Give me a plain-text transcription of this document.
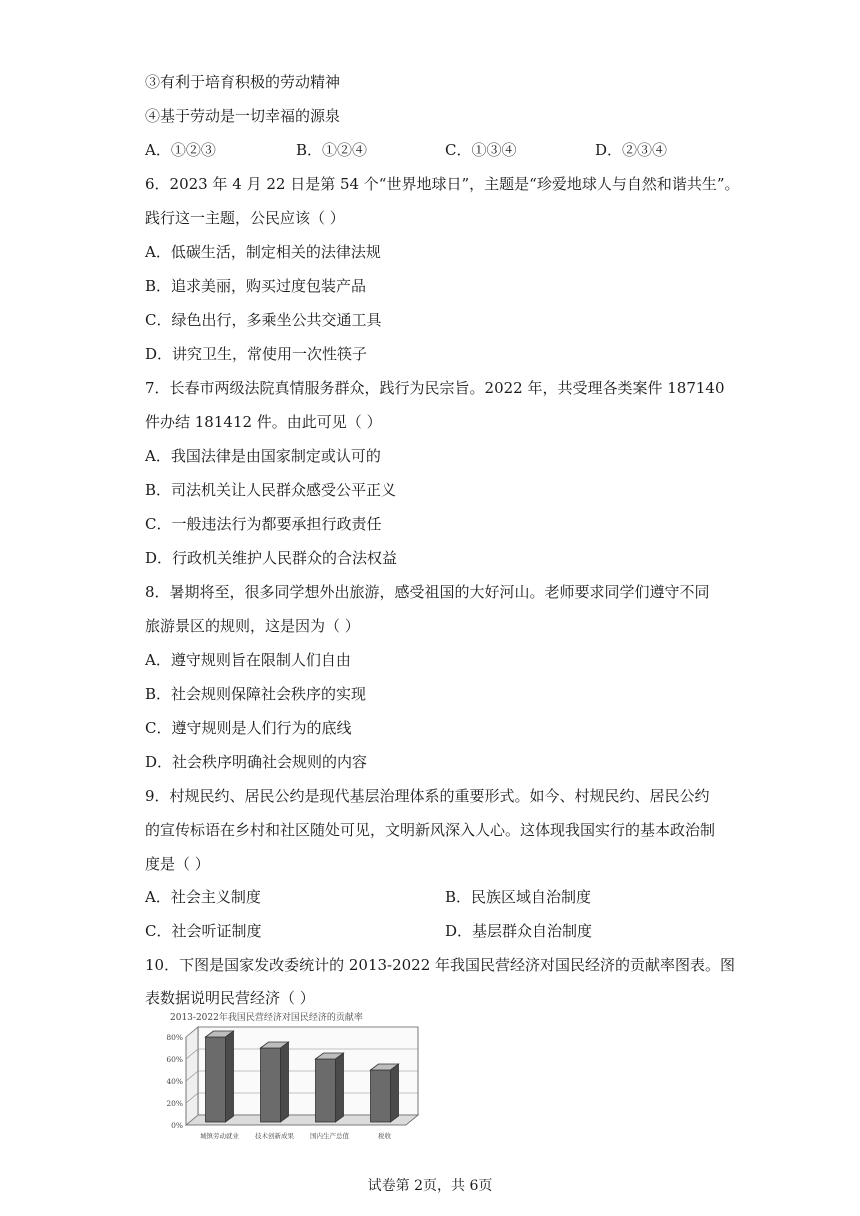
③有利于培育积极的劳动精神
④基于劳动是一切幸福的源泉
A．①②③	B．①②④	C．①③④	D．②③④
6．2023 年 4 月 22 日是第 54 个“世界地球日”，主题是“珍爱地球人与自然和谐共生”。
践行这一主题，公民应该（ ）
A．低碳生活，制定相关的法律法规
B．追求美丽，购买过度包装产品
C．绿色出行，多乘坐公共交通工具
D．讲究卫生，常使用一次性筷子
7．长春市两级法院真情服务群众，践行为民宗旨。2022 年，共受理各类案件 187140
件办结 181412 件。由此可见（ ）
A．我国法律是由国家制定或认可的
B．司法机关让人民群众感受公平正义
C．一般违法行为都要承担行政责任
D．行政机关维护人民群众的合法权益
8．暑期将至，很多同学想外出旅游，感受祖国的大好河山。老师要求同学们遵守不同
旅游景区的规则，这是因为（ ）
A．遵守规则旨在限制人们自由
B．社会规则保障社会秩序的实现
C．遵守规则是人们行为的底线
D．社会秩序明确社会规则的内容
9．村规民约、居民公约是现代基层治理体系的重要形式。如今、村规民约、居民公约
的宣传标语在乡村和社区随处可见，文明新风深入人心。这体现我国实行的基本政治制
度是（ ）
A．社会主义制度	B．民族区域自治制度
C．社会听证制度	D．基层群众自治制度
10．下图是国家发改委统计的 2013-2022 年我国民营经济对国民经济的贡献率图表。图
表数据说明民营经济（ ）
2013-2022年我国民营经济对国民经济的贡献率
0%
20%
40%
60%
80%
城镇劳动就业 技术创新成果 国内生产总值	税收
试卷第 2页，共 6页
